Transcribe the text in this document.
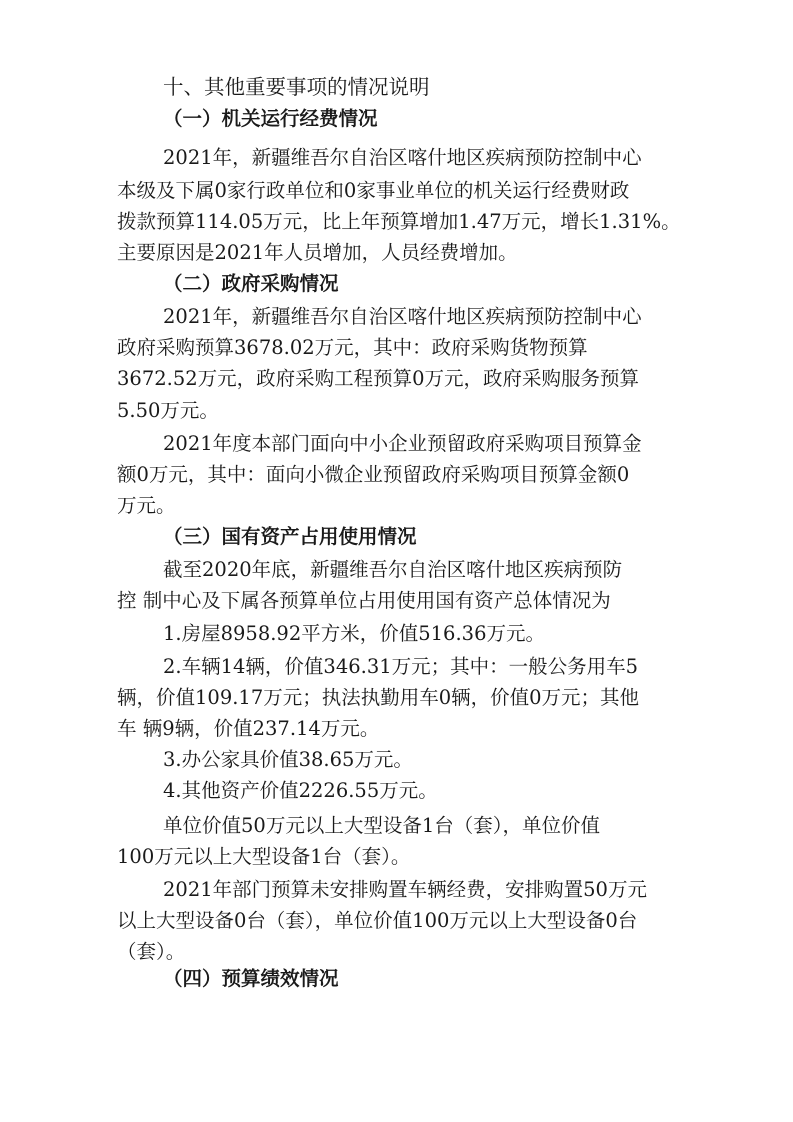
十、其他重要事项的情况说明
（一）机关运行经费情况
2021年，新疆维吾尔自治区喀什地区疾病预防控制中心
本级及下属0家行政单位和0家事业单位的机关运行经费财政
拨款预算114.05万元，比上年预算增加1.47万元，增长1.31%。
主要原因是2021年人员增加，人员经费增加。
（二）政府采购情况
2021年，新疆维吾尔自治区喀什地区疾病预防控制中心
政府采购预算3678.02万元，其中：政府采购货物预算
3672.52万元，政府采购工程预算0万元，政府采购服务预算
5.50万元。
2021年度本部门面向中小企业预留政府采购项目预算金
额0万元，其中：面向小微企业预留政府采购项目预算金额0
万元。
（三）国有资产占用使用情况
截至2020年底，新疆维吾尔自治区喀什地区疾病预防
控 制中心及下属各预算单位占用使用国有资产总体情况为
1.房屋8958.92平方米，价值516.36万元。
2.车辆14辆，价值346.31万元；其中：一般公务用车5
辆，价值109.17万元；执法执勤用车0辆，价值0万元；其他
车 辆9辆，价值237.14万元。
3.办公家具价值38.65万元。
4.其他资产价值2226.55万元。
单位价值50万元以上大型设备1台（套），单位价值
100万元以上大型设备1台（套）。
2021年部门预算未安排购置车辆经费，安排购置50万元
以上大型设备0台（套），单位价值100万元以上大型设备0台
（套）。
（四）预算绩效情况
